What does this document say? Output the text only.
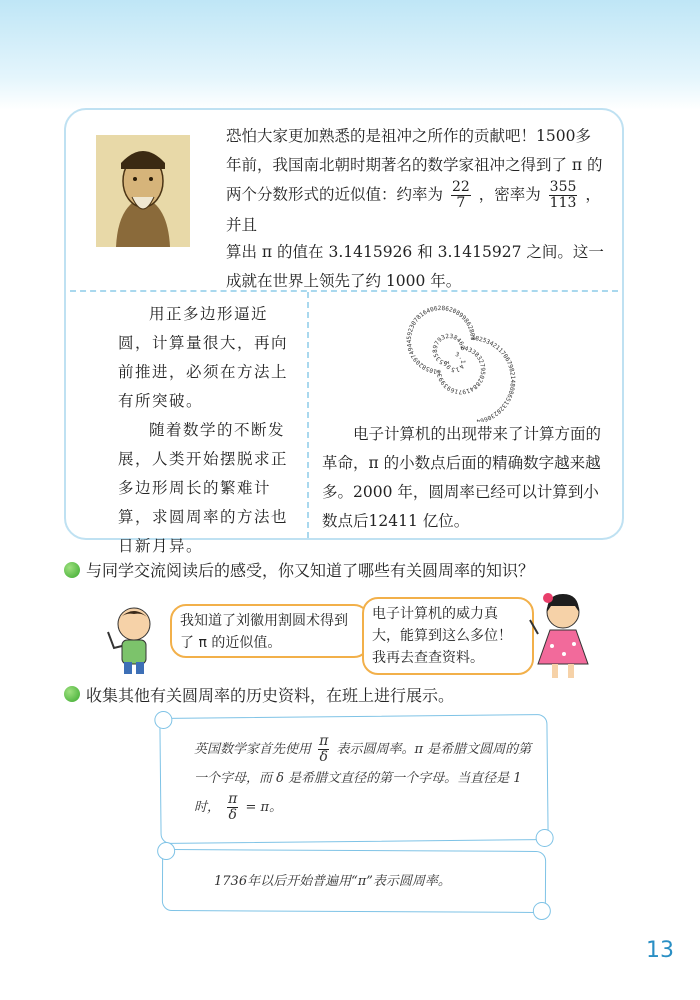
恐怕大家更加熟悉的是祖冲之所作的贡献吧！1500多年前，我国南北朝时期著名的数学家祖冲之得到了 π 的
两个分数形式的近似值：约率为 $\frac{22}{7}$ ，密率为 $\frac{355}{113}$ ，并且
算出 π 的值在 3.1415926 和 3.1415927 之间。这一成就在世界上领先了约 1000 年。
用正多边形逼近圆，计算量很大，再向前推进，必须在方法上有所突破。
随着数学的不断发展，人类开始摆脱求正多边形周长的繁难计算，求圆周率的方法也日新月异。
3.14159265358979323846264338327950288419716939937510582097494459230781640628620899862803482534211706798214808651328230664
电子计算机的出现带来了计算方面的革命，π 的小数点后面的精确数字越来越多。2000 年，圆周率已经可以计算到小数点后12411 亿位。
与同学交流阅读后的感受，你又知道了哪些有关圆周率的知识？
我知道了刘徽用割圆术得到了 π 的近似值。
电子计算机的威力真大，能算到这么多位！我再去查查资料。
收集其他有关圆周率的历史资料，在班上进行展示。
英国数学家首先使用 $\frac{\pi}{\delta}$ 表示圆周率。π 是希腊文圆周的第一个字母，而 δ 是希腊文直径的第一个字母。当直径是 1 时， $\frac{\pi}{\delta} = \pi$。
1736年以后开始普遍用“π”表示圆周率。
13
